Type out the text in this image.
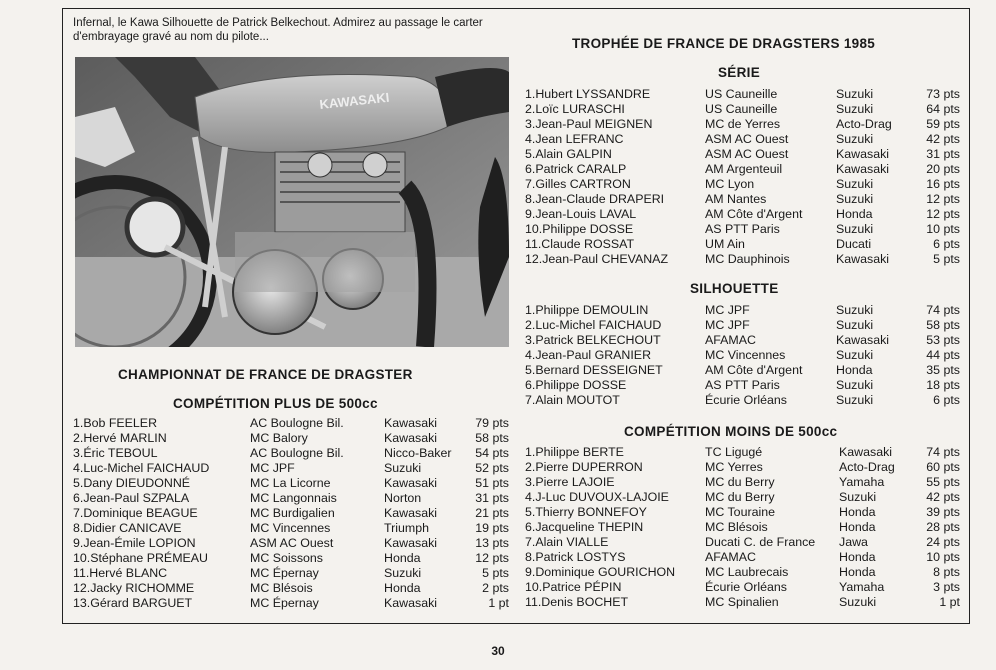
Infernal, le Kawa Silhouette de Patrick Belkechout. Admirez au passage le carter d'embrayage gravé au nom du pilote...
KAWASAKI
TROPHÉE DE FRANCE DE DRAGSTERS 1985
SÉRIE
1.Hubert LYSSANDRE	US Cauneille	Suzuki	73 pts
2.Loïc LURASCHI	US Cauneille	Suzuki	64 pts
3.Jean-Paul MEIGNEN	MC de Yerres	Acto-Drag	59 pts
4.Jean LEFRANC	ASM AC Ouest	Suzuki	42 pts
5.Alain GALPIN	ASM AC Ouest	Kawasaki	31 pts
6.Patrick CARALP	AM Argenteuil	Kawasaki	20 pts
7.Gilles CARTRON	MC Lyon	Suzuki	16 pts
8.Jean-Claude DRAPERI	AM Nantes	Suzuki	12 pts
9.Jean-Louis LAVAL	AM Côte d'Argent	Honda	12 pts
10.Philippe DOSSE	AS PTT Paris	Suzuki	10 pts
11.Claude ROSSAT	UM Ain	Ducati	6 pts
12.Jean-Paul CHEVANAZ	MC Dauphinois	Kawasaki	5 pts
SILHOUETTE
1.Philippe DEMOULIN	MC JPF	Suzuki	74 pts
2.Luc-Michel FAICHAUD	MC JPF	Suzuki	58 pts
3.Patrick BELKECHOUT	AFAMAC	Kawasaki	53 pts
4.Jean-Paul GRANIER	MC Vincennes	Suzuki	44 pts
5.Bernard DESSEIGNET	AM Côte d'Argent	Honda	35 pts
6.Philippe DOSSE	AS PTT Paris	Suzuki	18 pts
7.Alain MOUTOT	Écurie Orléans	Suzuki	6 pts
COMPÉTITION MOINS DE 500cc
1.Philippe BERTE	TC Ligugé	Kawasaki	74 pts
2.Pierre DUPERRON	MC Yerres	Acto-Drag	60 pts
3.Pierre LAJOIE	MC du Berry	Yamaha	55 pts
4.J-Luc DUVOUX-LAJOIE	MC du Berry	Suzuki	42 pts
5.Thierry BONNEFOY	MC Touraine	Honda	39 pts
6.Jacqueline THEPIN	MC Blésois	Honda	28 pts
7.Alain VIALLE	Ducati C. de France	Jawa	24 pts
8.Patrick LOSTYS	AFAMAC	Honda	10 pts
9.Dominique GOURICHON	MC Laubrecais	Honda	8 pts
10.Patrice PÉPIN	Écurie Orléans	Yamaha	3 pts
11.Denis BOCHET	MC Spinalien	Suzuki	1 pt
CHAMPIONNAT DE FRANCE DE DRAGSTER
COMPÉTITION PLUS DE 500cc
1.Bob FEELER	AC Boulogne Bil.	Kawasaki	79 pts
2.Hervé MARLIN	MC Balory	Kawasaki	58 pts
3.Éric TEBOUL	AC Boulogne Bil.	Nicco-Baker	54 pts
4.Luc-Michel FAICHAUD	MC JPF	Suzuki	52 pts
5.Dany DIEUDONNÉ	MC La Licorne	Kawasaki	51 pts
6.Jean-Paul SZPALA	MC Langonnais	Norton	31 pts
7.Dominique BEAGUE	MC Burdigalien	Kawasaki	21 pts
8.Didier CANICAVE	MC Vincennes	Triumph	19 pts
9.Jean-Émile LOPION	ASM AC Ouest	Kawasaki	13 pts
10.Stéphane PRÉMEAU	MC Soissons	Honda	12 pts
11.Hervé BLANC	MC Épernay	Suzuki	5 pts
12.Jacky RICHOMME	MC Blésois	Honda	2 pts
13.Gérard BARGUET	MC Épernay	Kawasaki	1 pt
30
